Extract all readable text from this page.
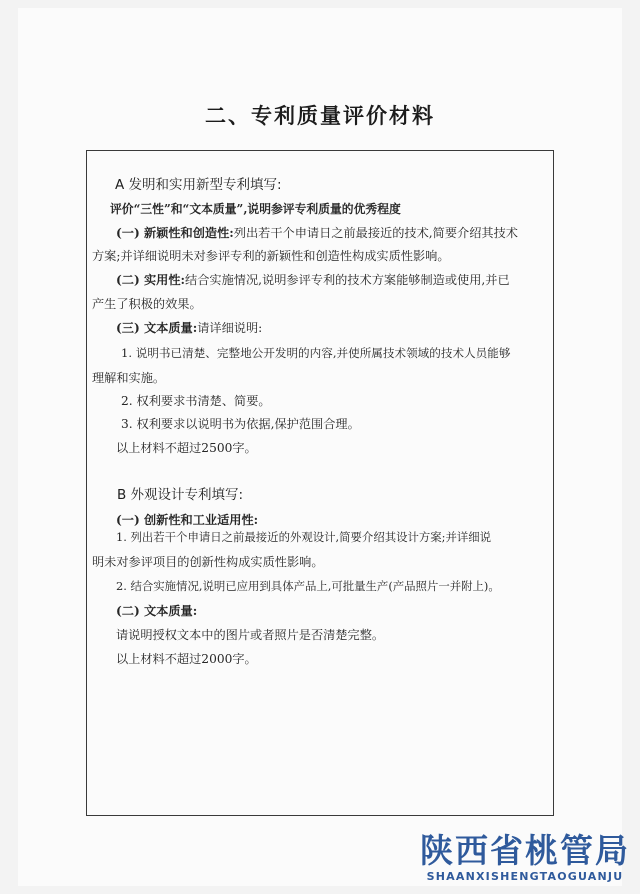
二、专利质量评价材料
A 发明和实用新型专利填写:
评价“三性”和“文本质量”,说明参评专利质量的优秀程度
(一) 新颖性和创造性:列出若干个申请日之前最接近的技术,简要介绍其技术
方案;并详细说明未对参评专利的新颖性和创造性构成实质性影响。
(二) 实用性:结合实施情况,说明参评专利的技术方案能够制造或使用,并已
产生了积极的效果。
(三) 文本质量:请详细说明:
1. 说明书已清楚、完整地公开发明的内容,并使所属技术领域的技术人员能够
理解和实施。
2. 权利要求书清楚、简要。
3. 权利要求以说明书为依据,保护范围合理。
以上材料不超过2500字。
B 外观设计专利填写:
(一) 创新性和工业适用性:
1. 列出若干个申请日之前最接近的外观设计,简要介绍其设计方案;并详细说
明未对参评项目的创新性构成实质性影响。
2. 结合实施情况,说明已应用到具体产品上,可批量生产(产品照片一并附上)。
(二) 文本质量:
请说明授权文本中的图片或者照片是否清楚完整。
以上材料不超过2000字。
陕西省桃管局
SHAANXISHENGTAOGUANJU
